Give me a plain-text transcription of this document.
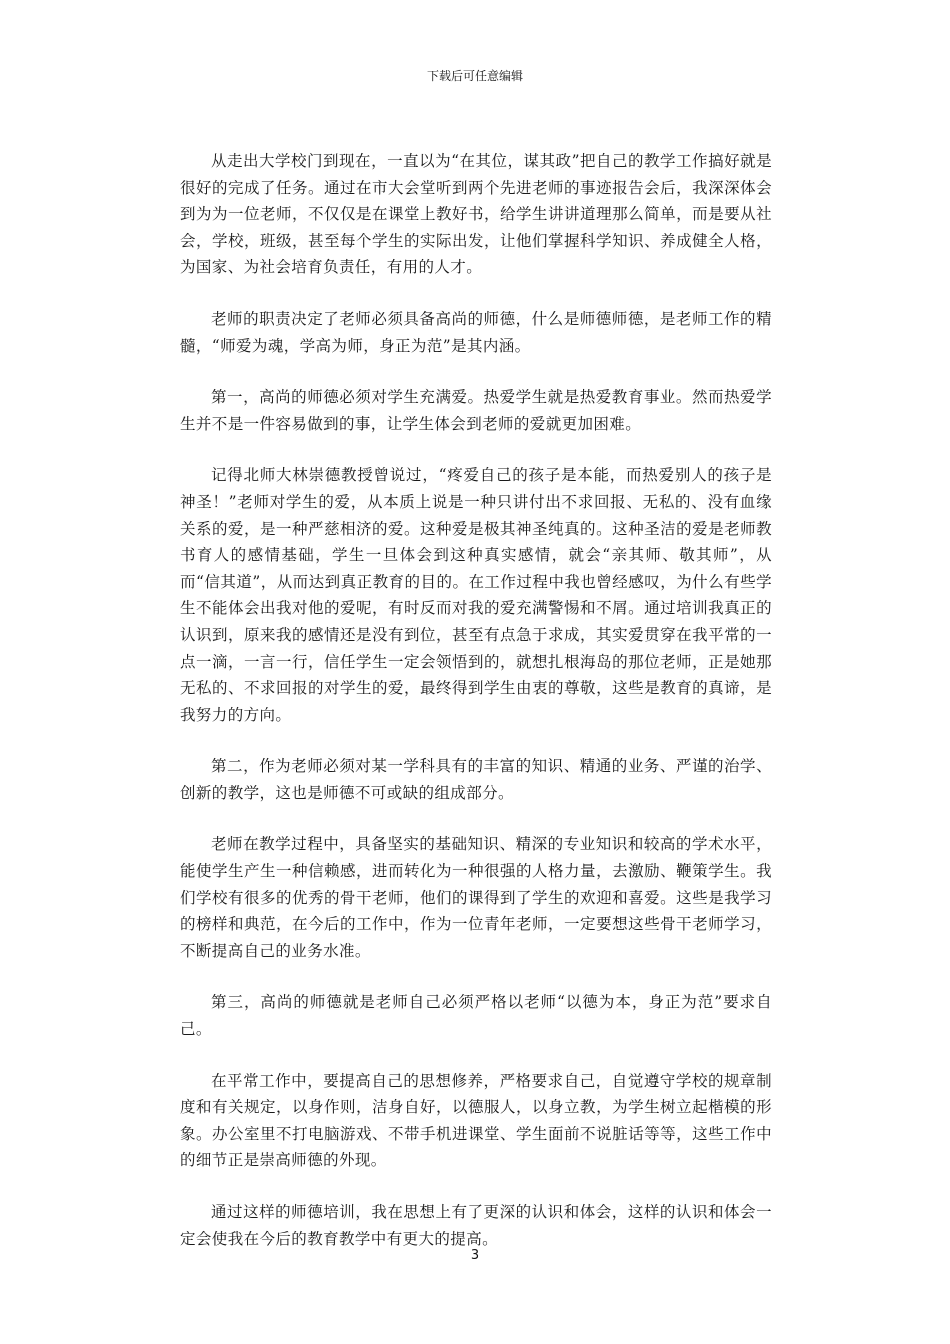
下载后可任意编辑

从走出大学校门到现在，一直以为“在其位，谋其政”把自己的教学工作搞好就是很好的完成了任务。通过在市大会堂听到两个先进老师的事迹报告会后，我深深体会到为为一位老师，不仅仅是在课堂上教好书，给学生讲讲道理那么简单，而是要从社会，学校，班级，甚至每个学生的实际出发，让他们掌握科学知识、养成健全人格，为国家、为社会培育负责任，有用的人才。

老师的职责决定了老师必须具备高尚的师德，什么是师德师德，是老师工作的精髓，“师爱为魂，学高为师，身正为范”是其内涵。

第一，高尚的师德必须对学生充满爱。热爱学生就是热爱教育事业。然而热爱学生并不是一件容易做到的事，让学生体会到老师的爱就更加困难。

记得北师大林崇德教授曾说过，“疼爱自己的孩子是本能，而热爱别人的孩子是神圣！”老师对学生的爱，从本质上说是一种只讲付出不求回报、无私的、没有血缘关系的爱，是一种严慈相济的爱。这种爱是极其神圣纯真的。这种圣洁的爱是老师教书育人的感情基础，学生一旦体会到这种真实感情，就会“亲其师、敬其师”，从而“信其道”，从而达到真正教育的目的。在工作过程中我也曾经感叹，为什么有些学生不能体会出我对他的爱呢，有时反而对我的爱充满警惕和不屑。通过培训我真正的认识到，原来我的感情还是没有到位，甚至有点急于求成，其实爱贯穿在我平常的一点一滴，一言一行，信任学生一定会领悟到的，就想扎根海岛的那位老师，正是她那无私的、不求回报的对学生的爱，最终得到学生由衷的尊敬，这些是教育的真谛，是我努力的方向。

第二，作为老师必须对某一学科具有的丰富的知识、精通的业务、严谨的治学、创新的教学，这也是师德不可或缺的组成部分。

老师在教学过程中，具备坚实的基础知识、精深的专业知识和较高的学术水平，能使学生产生一种信赖感，进而转化为一种很强的人格力量，去激励、鞭策学生。我们学校有很多的优秀的骨干老师，他们的课得到了学生的欢迎和喜爱。这些是我学习的榜样和典范，在今后的工作中，作为一位青年老师，一定要想这些骨干老师学习，不断提高自己的业务水准。

第三，高尚的师德就是老师自己必须严格以老师“以德为本，身正为范”要求自己。

在平常工作中，要提高自己的思想修养，严格要求自己，自觉遵守学校的规章制度和有关规定，以身作则，洁身自好，以德服人，以身立教，为学生树立起楷模的形象。办公室里不打电脑游戏、不带手机进课堂、学生面前不说脏话等等，这些工作中的细节正是崇高师德的外现。

通过这样的师德培训，我在思想上有了更深的认识和体会，这样的认识和体会一定会使我在今后的教育教学中有更大的提高。

3
